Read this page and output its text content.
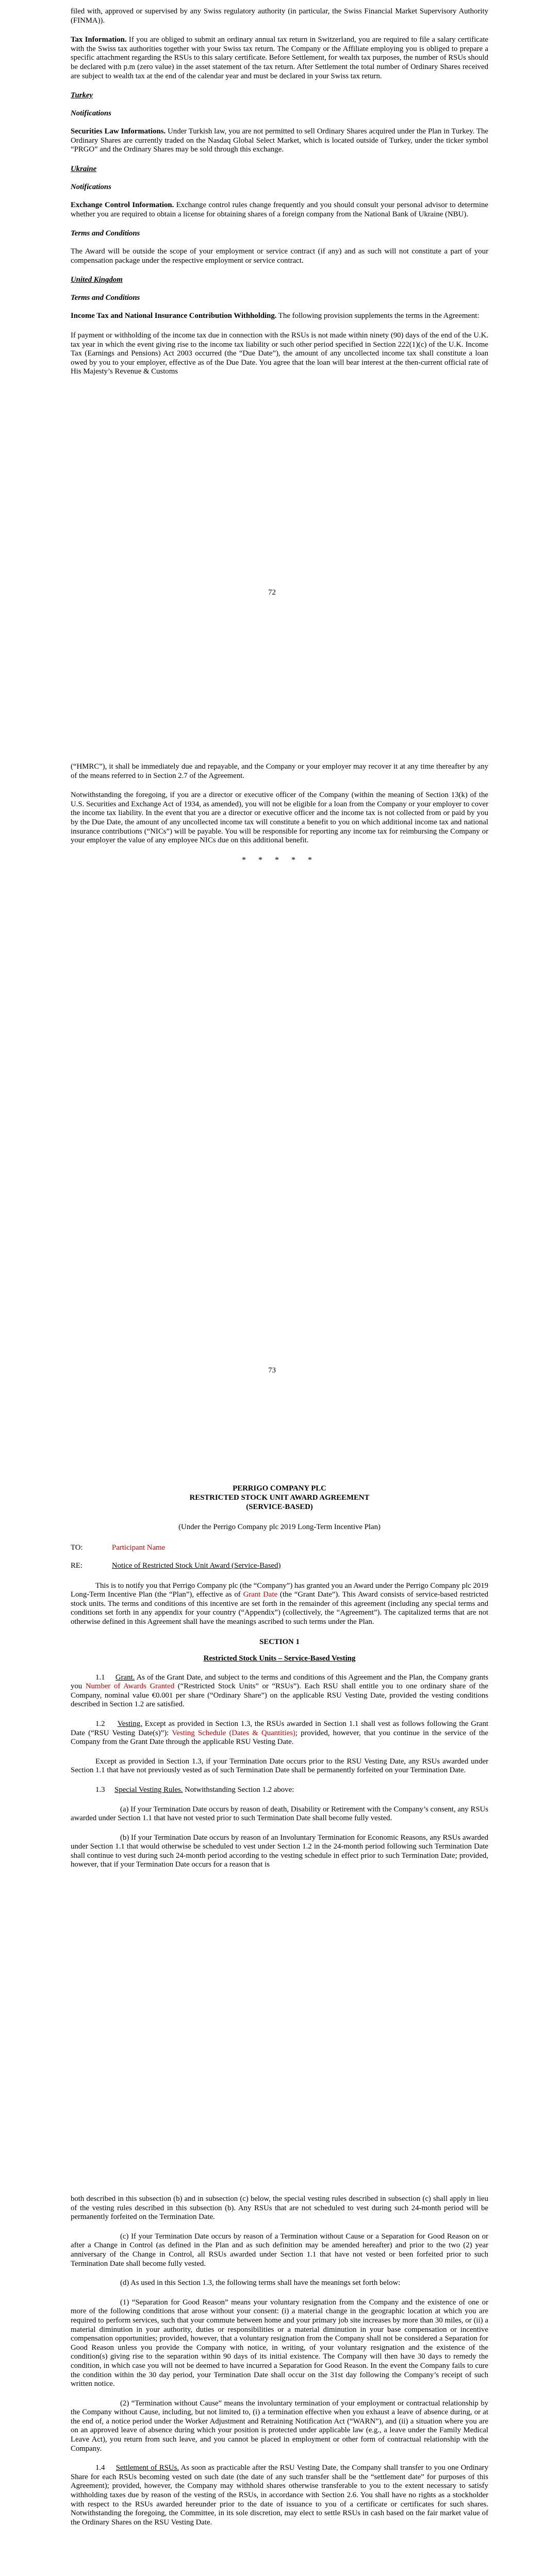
filed with, approved or supervised by any Swiss regulatory authority (in particular, the Swiss Financial Market Supervisory Authority (FINMA)).

Tax Information. If you are obliged to submit an ordinary annual tax return in Switzerland, you are required to file a salary certificate with the Swiss tax authorities together with your Swiss tax return. The Company or the Affiliate employing you is obliged to prepare a specific attachment regarding the RSUs to this salary certificate. Before Settlement, for wealth tax purposes, the number of RSUs should be declared with p.m (zero value) in the asset statement of the tax return. After Settlement the total number of Ordinary Shares received are subject to wealth tax at the end of the calendar year and must be declared in your Swiss tax return.

Turkey
Notifications

Securities Law Informations. Under Turkish law, you are not permitted to sell Ordinary Shares acquired under the Plan in Turkey. The Ordinary Shares are currently traded on the Nasdaq Global Select Market, which is located outside of Turkey, under the ticker symbol “PRGO” and the Ordinary Shares may be sold through this exchange.

Ukraine
Notifications

Exchange Control Information. Exchange control rules change frequently and you should consult your personal advisor to determine whether you are required to obtain a license for obtaining shares of a foreign company from the National Bank of Ukraine (NBU).

Terms and Conditions

The Award will be outside the scope of your employment or service contract (if any) and as such will not constitute a part of your compensation package under the respective employment or service contract.

United Kingdom
Terms and Conditions

Income Tax and National Insurance Contribution Withholding. The following provision supplements the terms in the Agreement:

If payment or withholding of the income tax due in connection with the RSUs is not made within ninety (90) days of the end of the U.K. tax year in which the event giving rise to the income tax liability or such other period specified in Section 222(1)(c) of the U.K. Income Tax (Earnings and Pensions) Act 2003 occurred (the “Due Date”), the amount of any uncollected income tax shall constitute a loan owed by you to your employer, effective as of the Due Date. You agree that the loan will bear interest at the then-current official rate of His Majesty’s Revenue & Customs

72

(“HMRC”), it shall be immediately due and repayable, and the Company or your employer may recover it at any time thereafter by any of the means referred to in Section 2.7 of the Agreement.

Notwithstanding the foregoing, if you are a director or executive officer of the Company (within the meaning of Section 13(k) of the U.S. Securities and Exchange Act of 1934, as amended), you will not be eligible for a loan from the Company or your employer to cover the income tax liability. In the event that you are a director or executive officer and the income tax is not collected from or paid by you by the Due Date, the amount of any uncollected income tax will constitute a benefit to you on which additional income tax and national insurance contributions (“NICs”) will be payable. You will be responsible for reporting any income tax for reimbursing the Company or your employer the value of any employee NICs due on this additional benefit.

* * * * *
73
PERRIGO COMPANY PLC
RESTRICTED STOCK UNIT AWARD AGREEMENT
(SERVICE-BASED)

(Under the Perrigo Company plc 2019 Long-Term Incentive Plan)

TO:	Participant Name
RE:	Notice of Restricted Stock Unit Award (Service-Based)

This is to notify you that Perrigo Company plc (the “Company”) has granted you an Award under the Perrigo Company plc 2019 Long-Term Incentive Plan (the “Plan”), effective as of Grant Date (the “Grant Date”). This Award consists of service-based restricted stock units. The terms and conditions of this incentive are set forth in the remainder of this agreement (including any special terms and conditions set forth in any appendix for your country (“Appendix”) (collectively, the “Agreement”). The capitalized terms that are not otherwise defined in this Agreement shall have the meanings ascribed to such terms under the Plan.

SECTION 1
Restricted Stock Units – Service-Based Vesting

1.1 Grant. As of the Grant Date, and subject to the terms and conditions of this Agreement and the Plan, the Company grants you Number of Awards Granted (“Restricted Stock Units” or “RSUs”). Each RSU shall entitle you to one ordinary share of the Company, nominal value €0.001 per share (“Ordinary Share”) on the applicable RSU Vesting Date, provided the vesting conditions described in Section 1.2 are satisfied.

1.2 Vesting. Except as provided in Section 1.3, the RSUs awarded in Section 1.1 shall vest as follows following the Grant Date (“RSU Vesting Date(s)”): Vesting Schedule (Dates & Quantities); provided, however, that you continue in the service of the Company from the Grant Date through the applicable RSU Vesting Date.

Except as provided in Section 1.3, if your Termination Date occurs prior to the RSU Vesting Date, any RSUs awarded under Section 1.1 that have not previously vested as of such Termination Date shall be permanently forfeited on your Termination Date.

1.3 Special Vesting Rules. Notwithstanding Section 1.2 above:

(a) If your Termination Date occurs by reason of death, Disability or Retirement with the Company’s consent, any RSUs awarded under Section 1.1 that have not vested prior to such Termination Date shall become fully vested.

(b) If your Termination Date occurs by reason of an Involuntary Termination for Economic Reasons, any RSUs awarded under Section 1.1 that would otherwise be scheduled to vest under Section 1.2 in the 24-month period following such Termination Date shall continue to vest during such 24-month period according to the vesting schedule in effect prior to such Termination Date; provided, however, that if your Termination Date occurs for a reason that is

both described in this subsection (b) and in subsection (c) below, the special vesting rules described in subsection (c) shall apply in lieu of the vesting rules described in this subsection (b). Any RSUs that are not scheduled to vest during such 24-month period will be permanently forfeited on the Termination Date.

(c) If your Termination Date occurs by reason of a Termination without Cause or a Separation for Good Reason on or after a Change in Control (as defined in the Plan and as such definition may be amended hereafter) and prior to the two (2) year anniversary of the Change in Control, all RSUs awarded under Section 1.1 that have not vested or been forfeited prior to such Termination Date shall become fully vested.

(d) As used in this Section 1.3, the following terms shall have the meanings set forth below:

(1) “Separation for Good Reason” means your voluntary resignation from the Company and the existence of one or more of the following conditions that arose without your consent: (i) a material change in the geographic location at which you are required to perform services, such that your commute between home and your primary job site increases by more than 30 miles, or (ii) a material diminution in your authority, duties or responsibilities or a material diminution in your base compensation or incentive compensation opportunities; provided, however, that a voluntary resignation from the Company shall not be considered a Separation for Good Reason unless you provide the Company with notice, in writing, of your voluntary resignation and the existence of the condition(s) giving rise to the separation within 90 days of its initial existence. The Company will then have 30 days to remedy the condition, in which case you will not be deemed to have incurred a Separation for Good Reason. In the event the Company fails to cure the condition within the 30 day period, your Termination Date shall occur on the 31st day following the Company’s receipt of such written notice.

(2) “Termination without Cause” means the involuntary termination of your employment or contractual relationship by the Company without Cause, including, but not limited to, (i) a termination effective when you exhaust a leave of absence during, or at the end of, a notice period under the Worker Adjustment and Retraining Notification Act (“WARN”), and (ii) a situation where you are on an approved leave of absence during which your position is protected under applicable law (e.g., a leave under the Family Medical Leave Act), you return from such leave, and you cannot be placed in employment or other form of contractual relationship with the Company.

1.4 Settlement of RSUs. As soon as practicable after the RSU Vesting Date, the Company shall transfer to you one Ordinary Share for each RSUs becoming vested on such date (the date of any such transfer shall be the “settlement date” for purposes of this Agreement); provided, however, the Company may withhold shares otherwise transferable to you to the extent necessary to satisfy withholding taxes due by reason of the vesting of the RSUs, in accordance with Section 2.6. You shall have no rights as a stockholder with respect to the RSUs awarded hereunder prior to the date of issuance to you of a certificate or certificates for such shares. Notwithstanding the foregoing, the Committee, in its sole discretion, may elect to settle RSUs in cash based on the fair market value of the Ordinary Shares on the RSU Vesting Date.
